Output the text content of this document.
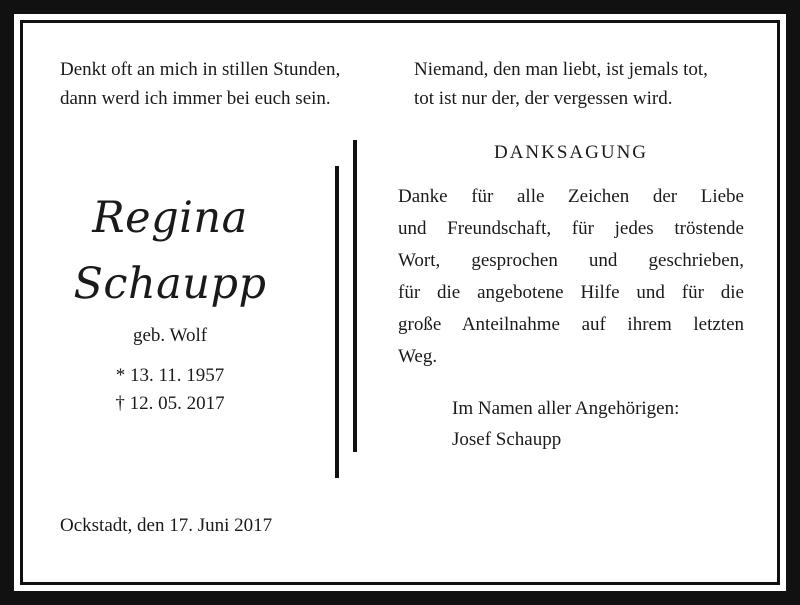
Denkt oft an mich in stillen Stunden,
dann werd ich immer bei euch sein.

Niemand, den man liebt, ist jemals tot,
tot ist nur der, der vergessen wird.

Regina
Schaupp
geb. Wolf
* 13. 11. 1957
† 12. 05. 2017
DANKSAGUNG

Danke für alle Zeichen der Liebe
und Freundschaft, für jedes tröstende
Wort, gesprochen und geschrieben,
für die angebotene Hilfe und für die
große Anteilnahme auf ihrem letzten
Weg.

Im Namen aller Angehörigen:
Josef Schaupp
Ockstadt, den 17. Juni 2017
